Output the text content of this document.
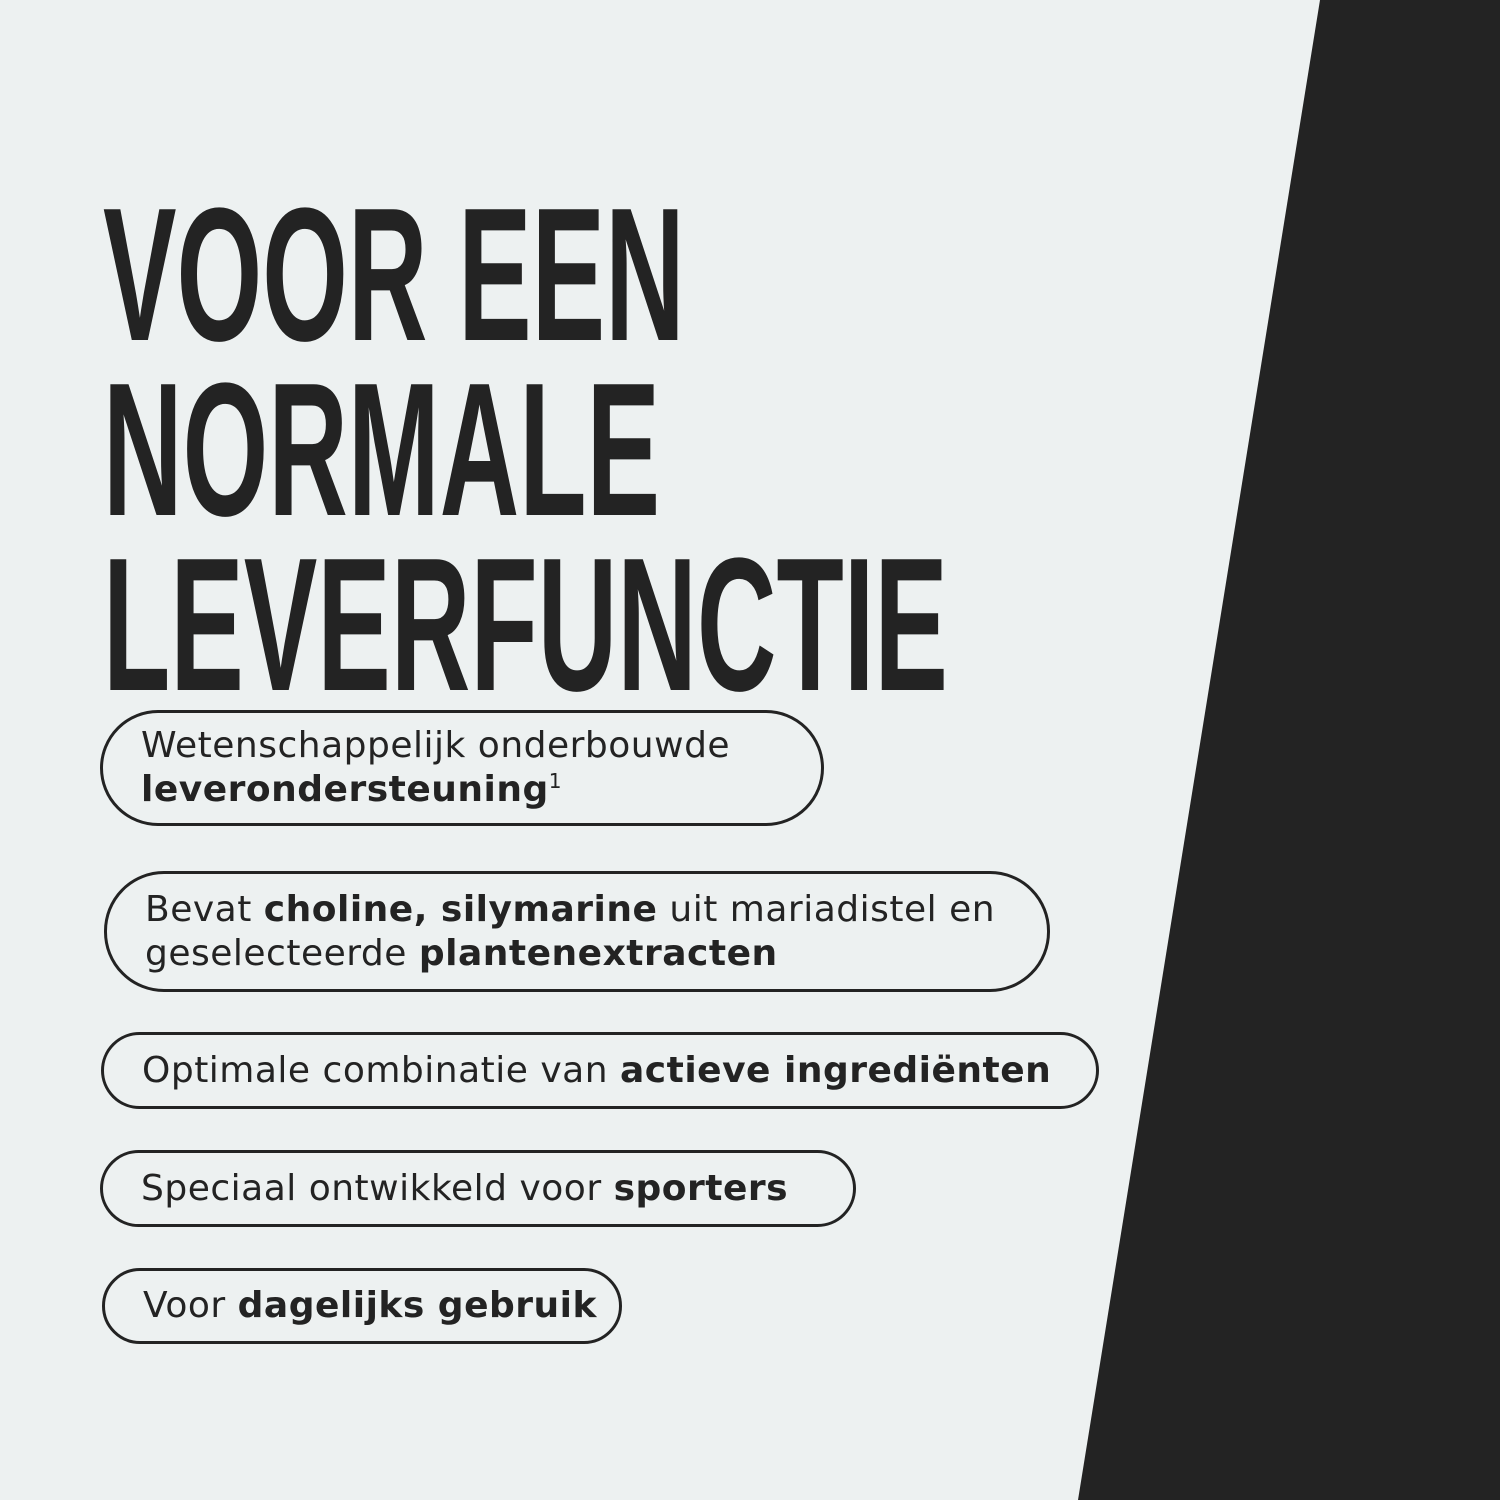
VOOR EEN
NORMALE
LEVERFUNCTIE
Wetenschappelijk onderbouwde
leverondersteuning$^1$
Bevat choline, silymarine uit mariadistel en
geselecteerde plantenextracten
Optimale combinatie van actieve ingrediënten
Speciaal ontwikkeld voor sporters
Voor dagelijks gebruik
